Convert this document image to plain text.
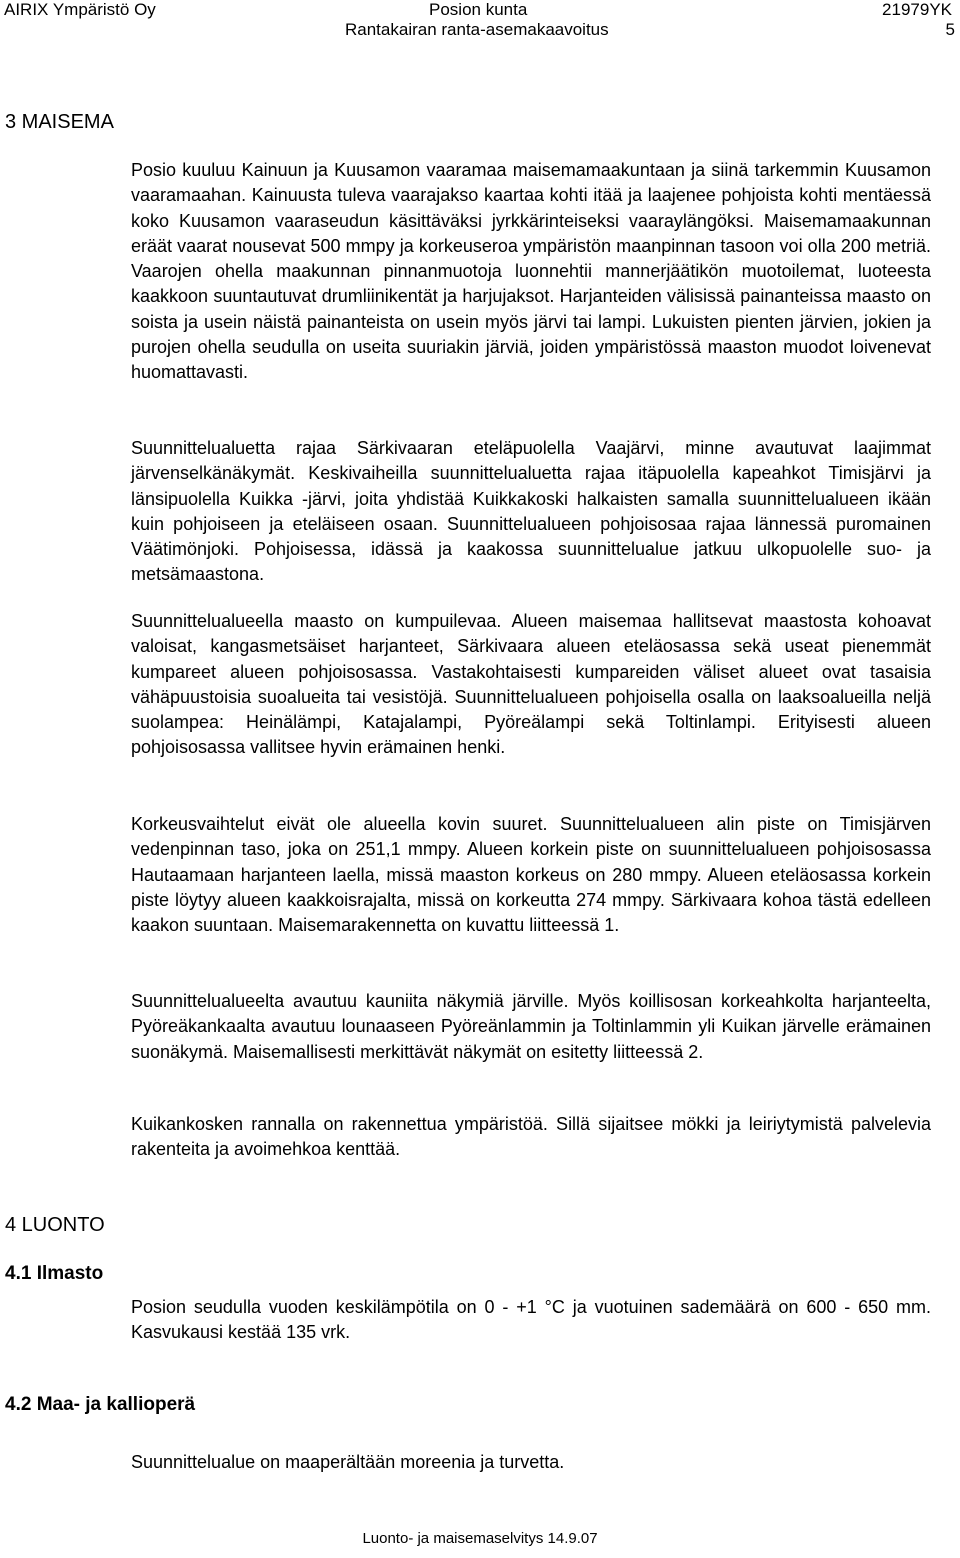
AIRIX Ympäristö Oy	Posion kunta	21979YK
Rantakairan ranta-asemakaavoitus	5
3 MAISEMA

Posio kuuluu Kainuun ja Kuusamon vaaramaa maisemamaakuntaan ja siinä tarkemmin Kuusamon vaaramaahan. Kainuusta tuleva vaarajakso kaartaa kohti itää ja laajenee pohjoista kohti mentäessä koko Kuusamon vaaraseudun käsittäväksi jyrkkärinteiseksi vaaraylängöksi. Maisemamaakunnan eräät vaarat nousevat 500 mmpy ja korkeuseroa ympäristön maanpinnan tasoon voi olla 200 metriä. Vaarojen ohella maakunnan pinnanmuotoja luonnehtii mannerjäätikön muotoilemat, luoteesta kaakkoon suuntautuvat drumliinikentät ja harjujaksot. Harjanteiden välisissä painanteissa maasto on soista ja usein näistä painanteista on usein myös järvi tai lampi. Lukuisten pienten järvien, jokien ja purojen ohella seudulla on useita suuriakin järviä, joiden ympäristössä maaston muodot loivenevat huomattavasti.

Suunnittelualuetta rajaa Särkivaaran eteläpuolella Vaajärvi, minne avautuvat laajimmat järvenselkänäkymät. Keskivaiheilla suunnittelualuetta rajaa itäpuolella kapeahkot Timisjärvi ja länsipuolella Kuikka -järvi, joita yhdistää Kuikkakoski halkaisten samalla suunnittelualueen ikään kuin pohjoiseen ja eteläiseen osaan. Suunnittelualueen pohjoisosaa rajaa lännessä puromainen Väätimönjoki. Pohjoisessa, idässä ja kaakossa suunnittelualue jatkuu ulkopuolelle suo- ja metsämaastona.

Suunnittelualueella maasto on kumpuilevaa. Alueen maisemaa hallitsevat maastosta kohoavat valoisat, kangasmetsäiset harjanteet, Särkivaara alueen eteläosassa sekä useat pienemmät kumpareet alueen pohjoisosassa. Vastakohtaisesti kumpareiden väliset alueet ovat tasaisia vähäpuustoisia suoalueita tai vesistöjä. Suunnittelualueen pohjoisella osalla on laaksoalueilla neljä suolampea: Heinälämpi, Katajalampi, Pyöreälampi sekä Toltinlampi. Erityisesti alueen pohjoisosassa vallitsee hyvin erämainen henki.

Korkeusvaihtelut eivät ole alueella kovin suuret. Suunnittelualueen alin piste on Timisjärven vedenpinnan taso, joka on 251,1 mmpy. Alueen korkein piste on suunnittelualueen pohjoisosassa Hautaamaan harjanteen laella, missä maaston korkeus on 280 mmpy. Alueen eteläosassa korkein piste löytyy alueen kaakkoisrajalta, missä on korkeutta 274 mmpy. Särkivaara kohoa tästä edelleen kaakon suuntaan. Maisemarakennetta on kuvattu liitteessä 1.

Suunnittelualueelta avautuu kauniita näkymiä järville. Myös koillisosan korkeahkolta harjanteelta, Pyöreäkankaalta avautuu lounaaseen Pyöreänlammin ja Toltinlammin yli Kuikan järvelle erämainen suonäkymä. Maisemallisesti merkittävät näkymät on esitetty liitteessä 2.

Kuikankosken rannalla on rakennettua ympäristöä. Sillä sijaitsee mökki ja leiriytymistä palvelevia rakenteita ja avoimehkoa kenttää.

4 LUONTO
4.1 Ilmasto

Posion seudulla vuoden keskilämpötila on 0 - +1 °C ja vuotuinen sademäärä on 600 - 650 mm. Kasvukausi kestää 135 vrk.

4.2 Maa- ja kallioperä

Suunnittelualue on maaperältään moreenia ja turvetta.

Luonto- ja maisemaselvitys 14.9.07
